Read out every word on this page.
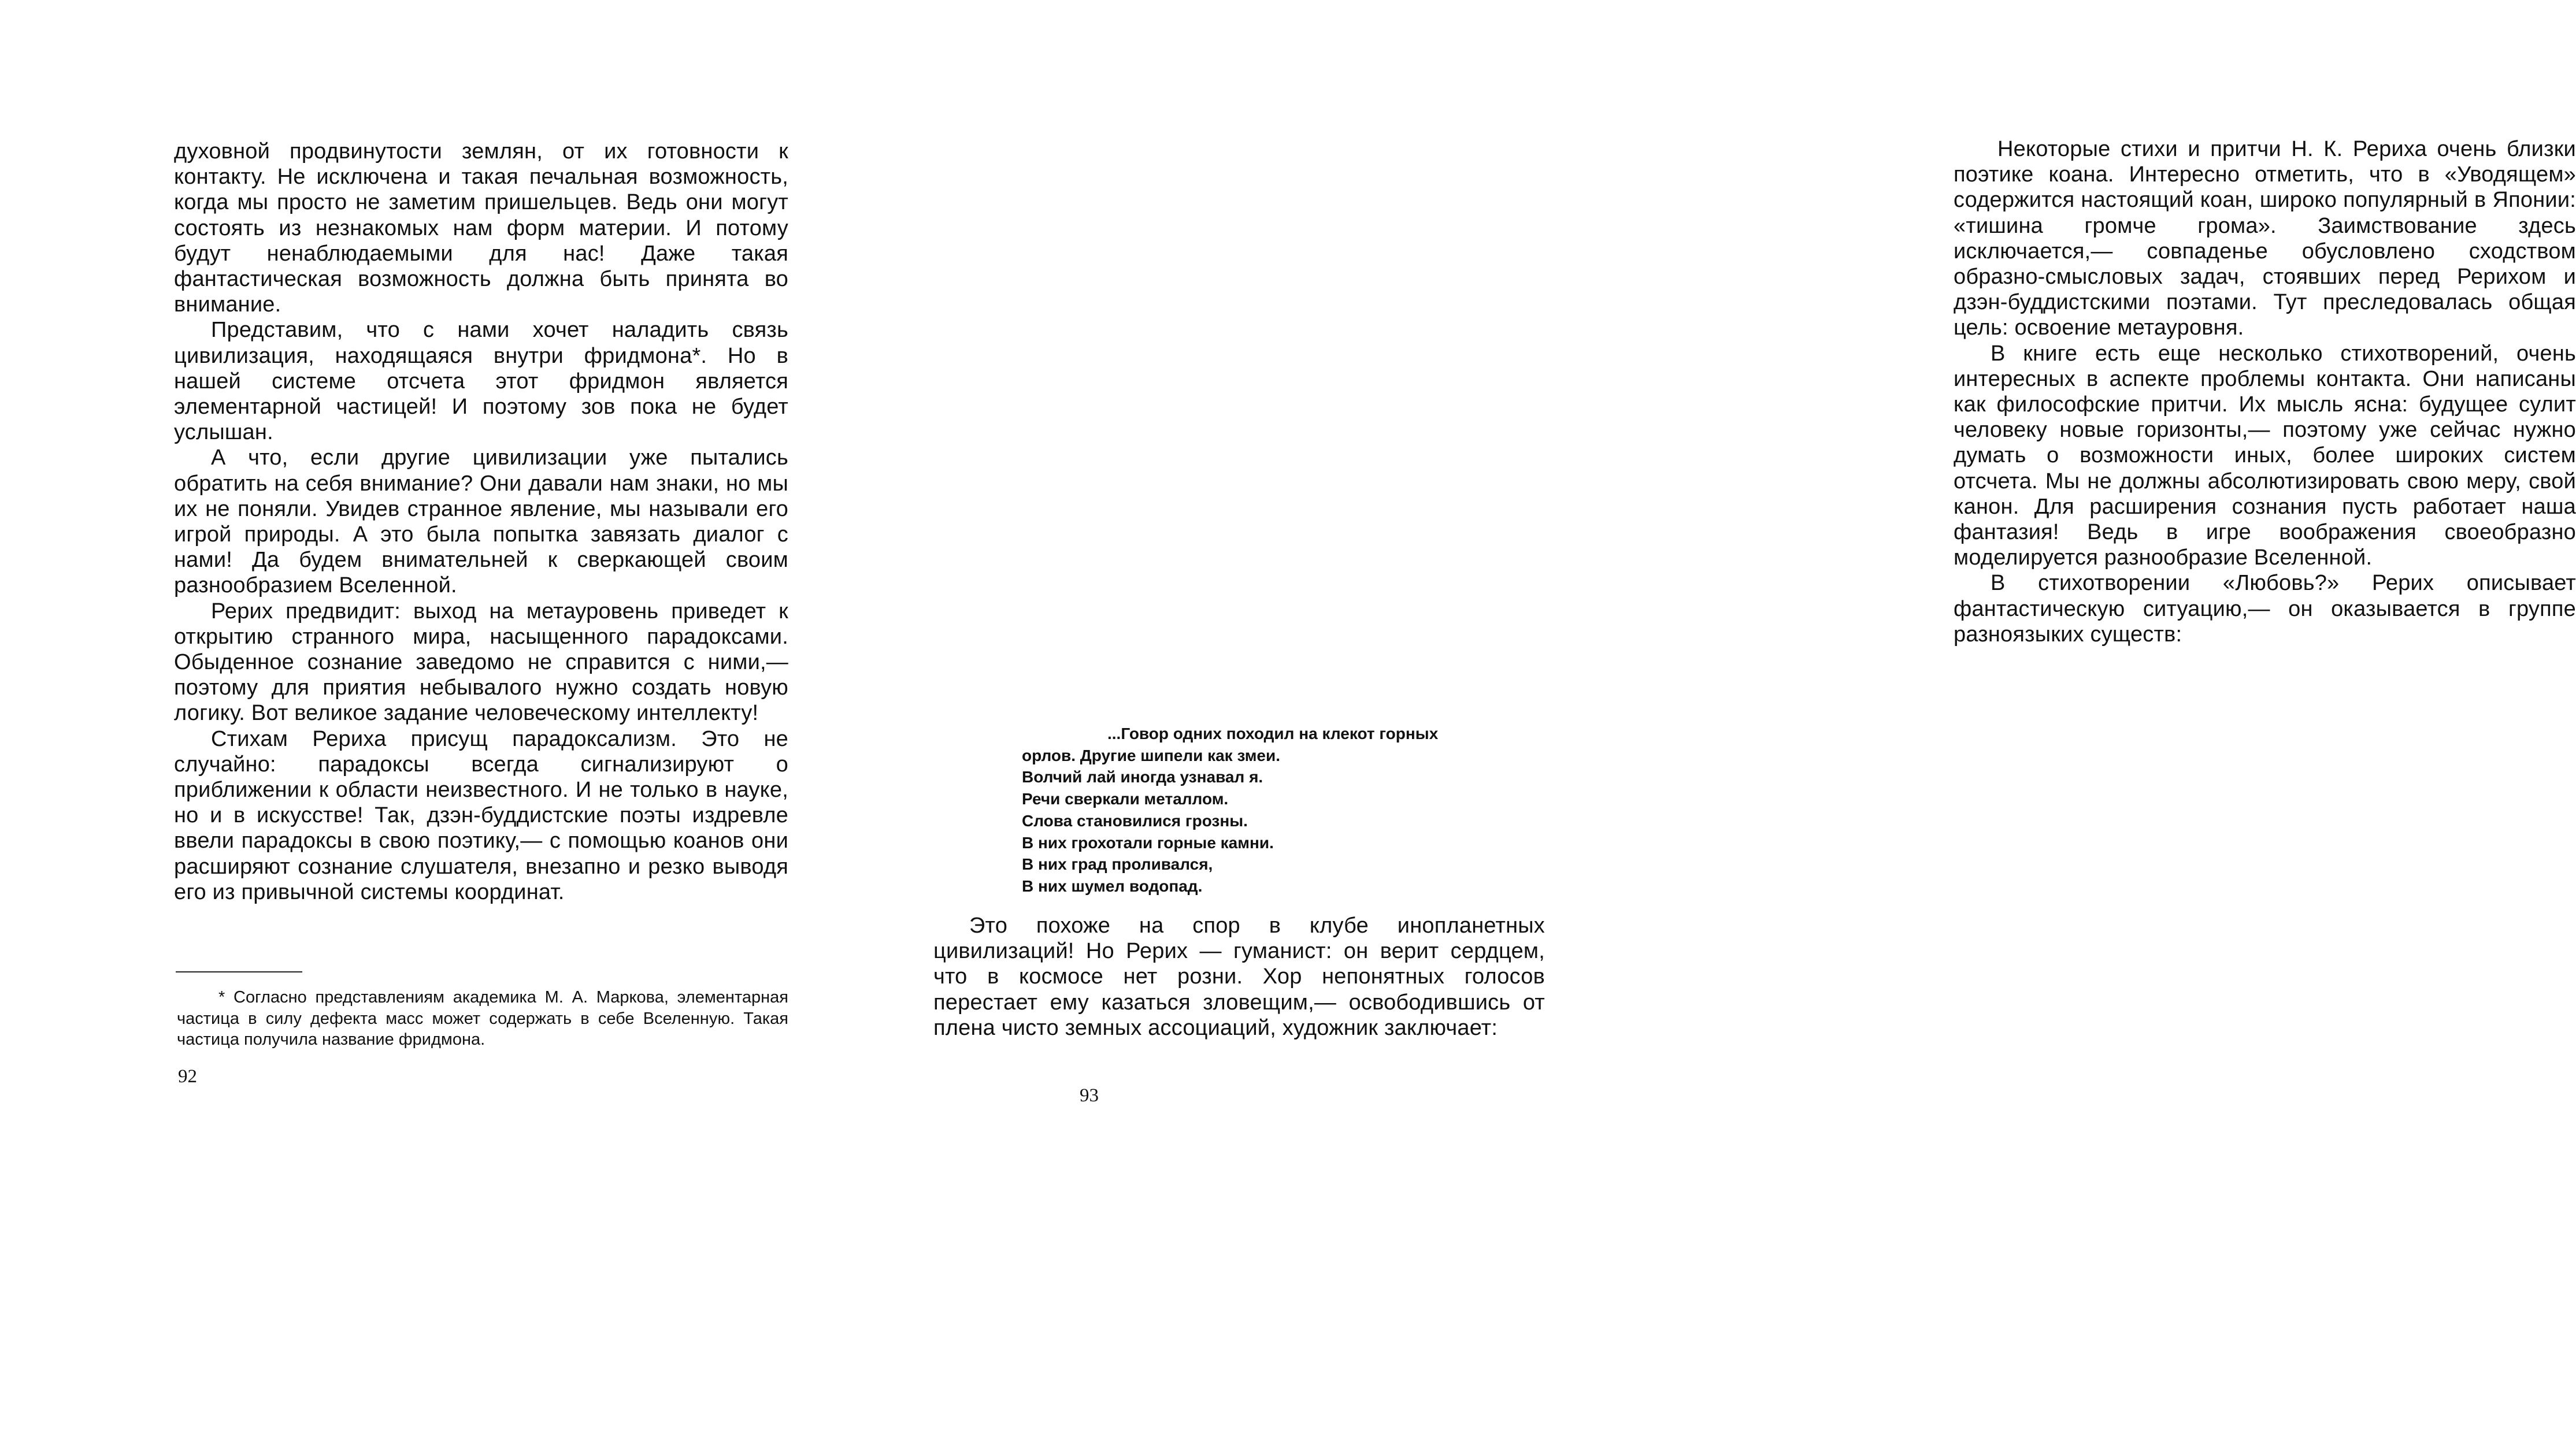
духовной продвинутости землян, от их готовности к контакту. Не исключена и такая печальная возможность, когда мы просто не заметим пришельцев. Ведь они могут состоять из незнакомых нам форм материи. И потому будут ненаблюдаемыми для нас! Даже такая фантастическая возможность должна быть принята во внимание.

Представим, что с нами хочет наладить связь цивилизация, находящаяся внутри фридмона*. Но в нашей системе отсчета этот фридмон является элементарной частицей! И поэтому зов пока не будет услышан.

А что, если другие цивилизации уже пытались обратить на себя внимание? Они давали нам знаки, но мы их не поняли. Увидев странное явление, мы называли его игрой природы. А это была попытка завязать диалог с нами! Да будем внимательней к сверкающей своим разнообразием Вселенной.

Рерих предвидит: выход на метауровень приведет к открытию странного мира, насыщенного парадоксами. Обыденное сознание заведомо не справится с ними,— поэтому для приятия небывалого нужно создать новую логику. Вот великое задание человеческому интеллекту!

Стихам Рериха присущ парадоксализм. Это не случайно: парадоксы всегда сигнализируют о приближении к области неизвестного. И не только в науке, но и в искусстве! Так, дзэн-буддистские поэты издревле ввели парадоксы в свою поэтику,— с помощью коанов они расширяют сознание слушателя, внезапно и резко выводя его из привычной системы координат.

* Согласно представлениям академика М. А. Маркова, элементарная частица в силу дефекта масс может содержать в себе Вселенную. Такая частица получила название фридмона.
92

Некоторые стихи и притчи Н. К. Рериха очень близки поэтике коана. Интересно отметить, что в «Уводящем» содержится настоящий коан, широко популярный в Японии: «тишина громче грома». Заимствование здесь исключается,— совпаденье обусловлено сходством образно-смысловых задач, стоявших перед Рерихом и дзэн-буддистскими поэтами. Тут преследовалась общая цель: освоение метауровня.

В книге есть еще несколько стихотворений, очень интересных в аспекте проблемы контакта. Они написаны как философские притчи. Их мысль ясна: будущее сулит человеку новые горизонты,— поэтому уже сейчас нужно думать о возможности иных, более широких систем отсчета. Мы не должны абсолютизировать свою меру, свой канон. Для расширения сознания пусть работает наша фантазия! Ведь в игре воображения своеобразно моделируется разнообразие Вселенной.

В стихотворении «Любовь?» Рерих описывает фантастическую ситуацию,— он оказывается в группе разноязыких существ:

...Говор одних походил на клекот горных
орлов. Другие шипели как змеи.
Волчий лай иногда узнавал я.
Речи сверкали металлом.
Слова становилися грозны.
В них грохотали горные камни.
В них град проливался,
В них шумел водопад.

Это похоже на спор в клубе инопланетных цивилизаций! Но Рерих — гуманист: он верит сердцем, что в космосе нет розни. Хор непонятных голосов перестает ему казаться зловещим,— освободившись от плена чисто земных ассоциаций, художник заключает:

93
